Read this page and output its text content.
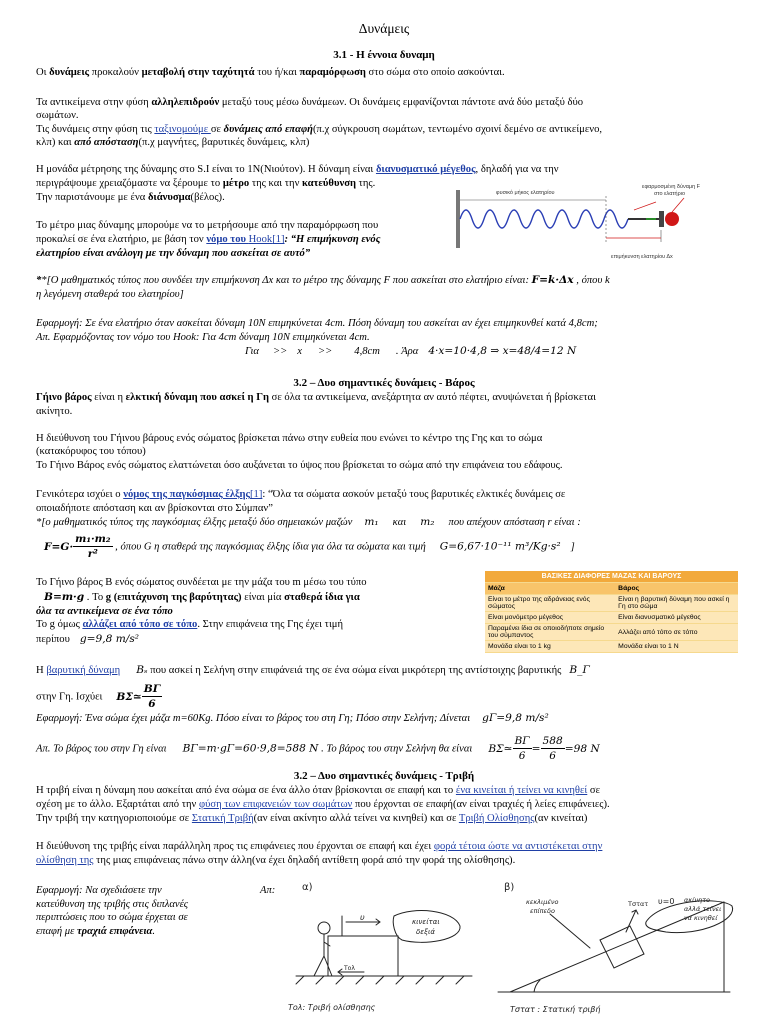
Δυνάμεις
3.1 - Η έννοια δυναμη
Οι δυνάμεις προκαλούν μεταβολή στην ταχύτητά του ή/και παραμόρφωση στο σώμα στο οποίο ασκούνται.
Τα αντικείμενα στην φύση αλληλεπιδρούν μεταξύ τους μέσω δυνάμεων. Οι δυνάμεις εμφανίζονται πάντοτε ανά δύο μεταξύ δύο
σωμάτων.
Τις δυνάμεις στην φύση τις ταξινομούμε σε δυνάμεις από επαφή(π.χ σύγκρουση σωμάτων, τεντωμένο σχοινί δεμένο σε αντικείμενο,
κλπ) και από απόσταση(π.χ μαγνήτες, βαρυτικές δυνάμεις, κλπ)
Η μονάδα μέτρησης της δύναμης στο S.I είναι το 1N(Νιούτον). Η δύναμη είναι διανυσματικό μέγεθος, δηλαδή για να την
περιγράψουμε χρειαζόμαστε να ξέρουμε το μέτρο της και την κατεύθυνση της.
Την παριστάνουμε με ένα διάνυσμα(βέλος).
Το μέτρο μιας δύναμης μπορούμε να το μετρήσουμε από την παραμόρφωση που
προκαλεί σε ένα ελατήριο, με βάση τον νόμο του Hook[1]: “Η επιμήκυνση ενός
ελατηρίου είναι ανάλογη με την δύναμη που ασκείται σε αυτό”
φυσικό μήκος ελατηρίου
εφαρμοσμένη δύναμη F
στο ελατήριο
επιμήκυνση ελατηρίου Δx
**[Ο μαθηματικός τύπος που συνδέει την επιμήκυνση Δx και το μέτρο της δύναμης F που ασκείται στο ελατήριο είναι: F=k·Δx , όπου k
η λεγόμενη σταθερά του ελατηρίου]
Εφαρμογή: Σε ένα ελατήριο όταν ασκείται δύναμη 10N επιμηκύνεται 4cm. Πόση δύναμη του ασκείται αν έχει επιμηκυνθεί κατά 4,8cm;
Απ. Εφαρμόζοντας τον νόμο του Hook: Για 4cm δύναμη 10N επιμηκύνεται 4cm.
Για >> x >> 4,8cm . Άρα 4·x=10·4,8 ⇒ x=48/4=12 N
3.2 – Δυο σημαντικές δυνάμεις - Βάρος
Γήινο βάρος είναι η ελκτική δύναμη που ασκεί η Γη σε όλα τα αντικείμενα, ανεξάρτητα αν αυτό πέφτει, ανυψώνεται ή βρίσκεται
ακίνητο.
Η διεύθυνση του Γήινου βάρους ενός σώματος βρίσκεται πάνω στην ευθεία που ενώνει το κέντρο της Γης και το σώμα
(κατακόρυφος του τόπου)
Το Γήινο Βάρος ενός σώματος ελαττώνεται όσο αυξάνεται το ύψος που βρίσκεται το σώμα από την επιφάνεια του εδάφους.
Γενικότερα ισχύει ο νόμος της παγκόσμιας έλξης[1]: “Όλα τα σώματα ασκούν μεταξύ τους βαρυτικές ελκτικές δυνάμεις σε
οποιαδήποτε απόσταση και αν βρίσκονται στο Σύμπαν”
*[ο μαθηματικός τύπος της παγκόσμιας έλξης μεταξύ δύο σημειακών μαζών m₁ και m₂ που απέχουν απόσταση r είναι :
$F=G\cdot \frac{\text{m₁·m₂}}{\text{r²}}$ , όπου G η σταθερά της παγκόσμιας έλξης ίδια για όλα τα σώματα και τιμή G=6,67·10⁻¹¹ m³/Kg·s² ]
Το Γήινο βάρος B ενός σώματος συνδέεται με την μάζα του m μέσω του τύπο
B=m·g . Το g (επιτάχυνση της βαρύτητας) είναι μία σταθερά ίδια για
όλα τα αντικείμενα σε ένα τόπο
Το g όμως αλλάζει από τόπο σε τόπο. Στην επιφάνεια της Γης έχει τιμή
περίπου g=9,8 m/s²
ΒΑΣΙΚΕΣ ΔΙΑΦΟΡΕΣ ΜΑΖΑΣ ΚΑΙ ΒΑΡΟΥΣ	
Μάζα	Βάρος
Είναι το μέτρο της αδράνειας ενός σώματος	Είναι η βαρυτική δύναμη που ασκεί η Γη στο σώμα
Είναι μονόμετρο μέγεθος	Είναι διανυσματικό μέγεθος
Παραμένει ίδια σε οποιοδήποτε σημείο του σύμπαντος	Αλλάζει από τόπο σε τόπο
Μονάδα είναι το 1 kg	Μονάδα είναι το 1 N
Η βαρυτική δύναμη Bₛ που ασκεί η Σελήνη στην επιφάνειά της σε ένα σώμα είναι μικρότερη της αντίστοιχης βαρυτικής B_Γ
στην Γη. Ισχύει BΣ≃ $\frac{B\Gamma}{6}$
Εφαρμογή: Ένα σώμα έχει μάζα m=60Kg. Πόσο είναι το βάρος του στη Γη; Πόσο στην Σελήνη; Δίνεται gΓ=9,8 m/s²
Απ. Το βάρος του στην Γη είναι BΓ=m·gΓ=60·9,8=588 N . Το βάρος του στην Σελήνη θα είναι BΣ≃ $\frac{B\Gamma}{6} = \frac{588}{6} =98$ N
3.2 – Δυο σημαντικές δυνάμεις - Τριβή
Η τριβή είναι η δύναμη που ασκείται από ένα σώμα σε ένα άλλο όταν βρίσκονται σε επαφή και το ένα κινείται ή τείνει να κινηθεί σε
σχέση με το άλλο. Εξαρτάται από την φύση των επιφανειών των σωμάτων που έρχονται σε επαφή(αν είναι τραχιές ή λείες επιφάνειες).
Την τριβή την κατηγοριοποιούμε σε Στατική Τριβή(αν είναι ακίνητο αλλά τείνει να κινηθεί) και σε Τριβή Ολίσθησης(αν κινείται)
Η διεύθυνση της τριβής είναι παράλληλη προς τις επιφάνειες που έρχονται σε επαφή και έχει φορά τέτοια ώστε να αντιστέκεται στην
ολίσθηση της της μιας επιφάνειας πάνω στην άλλη(να έχει δηλαδή αντίθετη φορά από την φορά της ολίσθησης).
Εφαρμογή: Να σχεδιάσετε την
κατεύθυνση της τριβής στις διπλανές
περιπτώσεις που το σώμα έρχεται σε
επαφή με τραχιά επιφάνεια.
Απ:	α)
υ
Τολ
κινείται
δεξιά
Τολ: Τριβή ολίσθησης
β)
κεκλιμένο
επίπεδο
Τστατ υ=0 ακίνητο
αλλά τείνει
να κινηθεί
Τστατ : Στατική τριβή
